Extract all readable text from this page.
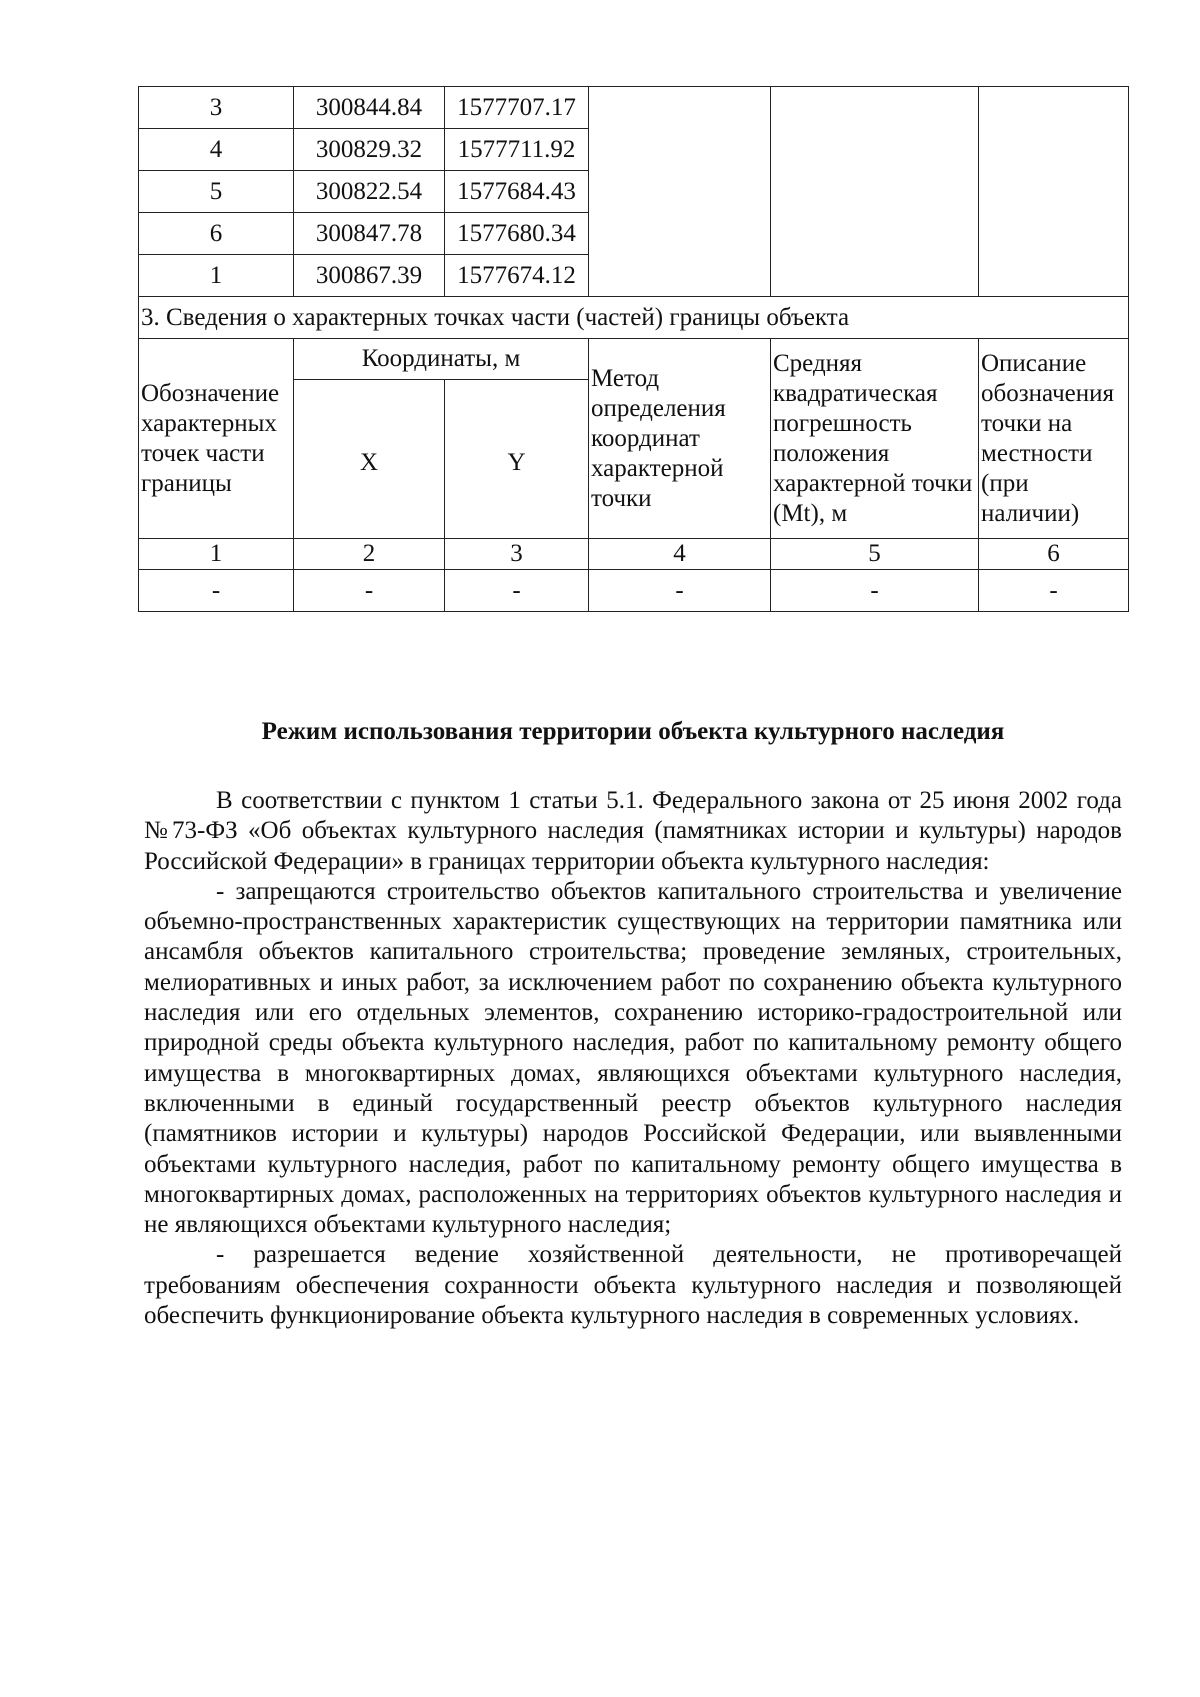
3	300844.84	1577707.17			
4	300829.32	1577711.92			
5	300822.54	1577684.43			
6	300847.78	1577680.34			
1	300867.39	1577674.12			
3. Сведения о характерных точках части (частей) границы объекта					
Обозначение характерных точек части границы	Координаты, м		Метод определения координат характерной точки	Средняя квадратическая погрешность положения характерной точки (Mt), м	Описание обозначения точки на местности (при наличии)
	X	Y			
1	2	3	4	5	6
-	-	-	-	-	-
Режим использования территории объекта культурного наследия

В соответствии с пунктом 1 статьи 5.1. Федерального закона от 25 июня 2002 года №73-ФЗ «Об объектах культурного наследия (памятниках истории и культуры) народов Российской Федерации» в границах территории объекта культурного наследия:

- запрещаются строительство объектов капитального строительства и увеличение объемно-пространственных характеристик существующих на территории памятника или ансамбля объектов капитального строительства; проведение земляных, строительных, мелиоративных и иных работ, за исключением работ по сохранению объекта культурного наследия или его отдельных элементов, сохранению историко-градостроительной или природной среды объекта культурного наследия, работ по капитальному ремонту общего имущества в многоквартирных домах, являющихся объектами культурного наследия, включенными в единый государственный реестр объектов культурного наследия (памятников истории и культуры) народов Российской Федерации, или выявленными объектами культурного наследия, работ по капитальному ремонту общего имущества в многоквартирных домах, расположенных на территориях объектов культурного наследия и не являющихся объектами культурного наследия;

- разрешается ведение хозяйственной деятельности, не противоречащей требованиям обеспечения сохранности объекта культурного наследия и позволяющей обеспечить функционирование объекта культурного наследия в современных условиях.
